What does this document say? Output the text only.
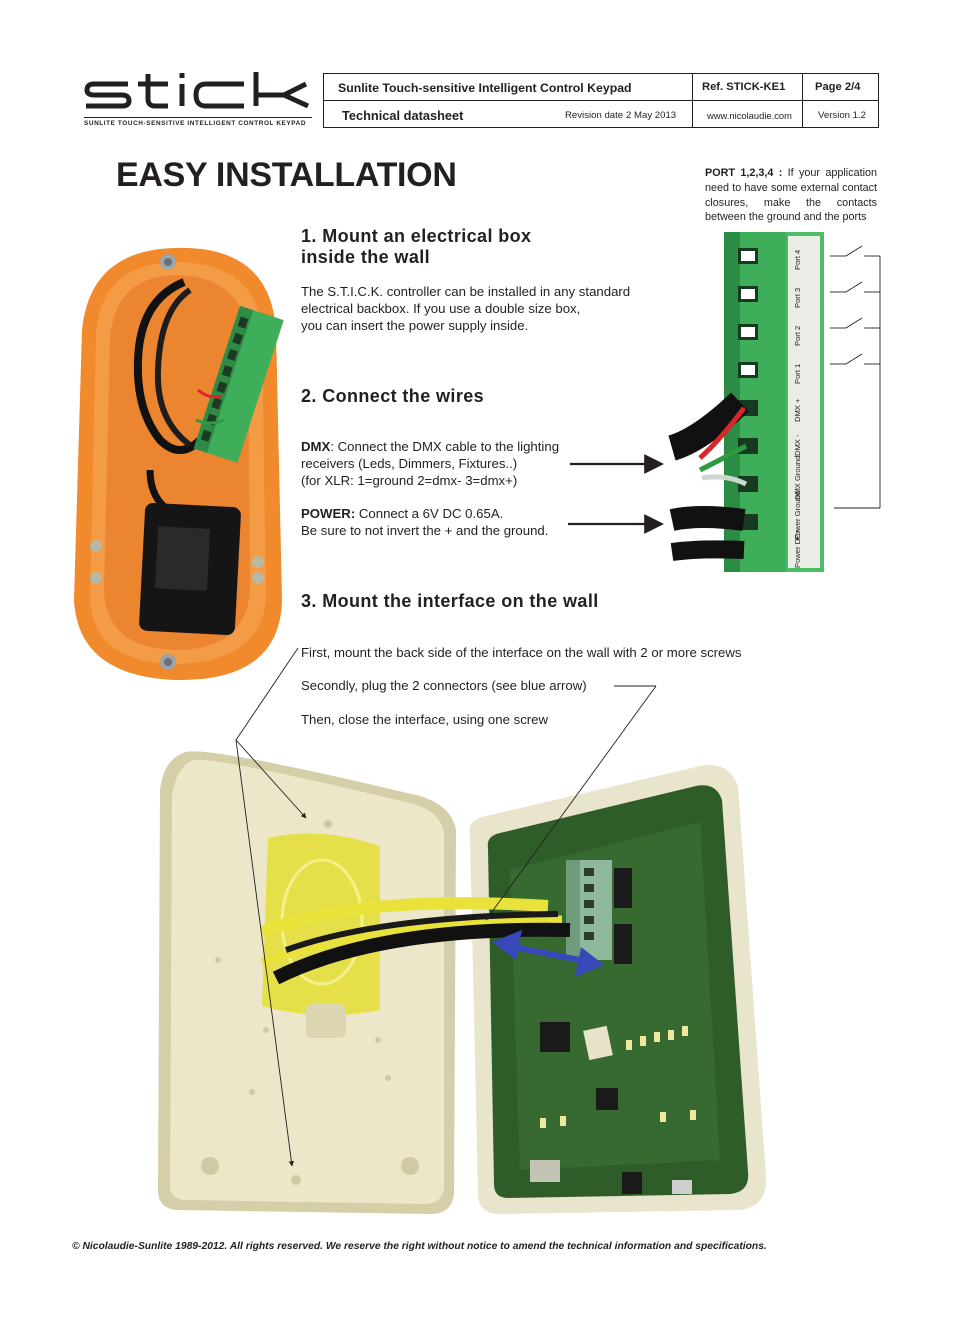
SUNLITE TOUCH-SENSITIVE INTELLIGENT CONTROL KEYPAD
Sunlite Touch-sensitive Intelligent Control Keypad	Ref. STICK-KE1	Page 2/4
Technical datasheet	Revision date 2 May 2013	www.nicolaudie.com	Version 1.2
EASY INSTALLATION	PORT 1,2,3,4 : If your application need to have some external contact closures, make the contacts between the ground and the ports
1. Mount an electrical box
inside the wall
The S.T.I.C.K. controller can be installed in any standard
electrical backbox. If you use a double size box,
you can insert the power supply inside.
2. Connect the wires
DMX: Connect the DMX cable to the lighting
receivers (Leds, Dimmers, Fixtures..)
(for XLR: 1=ground 2=dmx- 3=dmx+)
POWER: Connect a 6V DC 0.65A.
Be sure to not invert the + and the ground.
3. Mount the interface on the wall
First, mount the back side of the interface on the wall with 2 or more screws
Secondly, plug the 2 connectors (see blue arrow)
Then, close the interface, using one screw
Port 4
Port 3
Port 2
Port 1
DMX +
DMX -
DMX Ground
Power Ground
Power DC+
© Nicolaudie-Sunlite 1989-2012. All rights reserved. We reserve the right without notice to amend the technical information and specifications.
